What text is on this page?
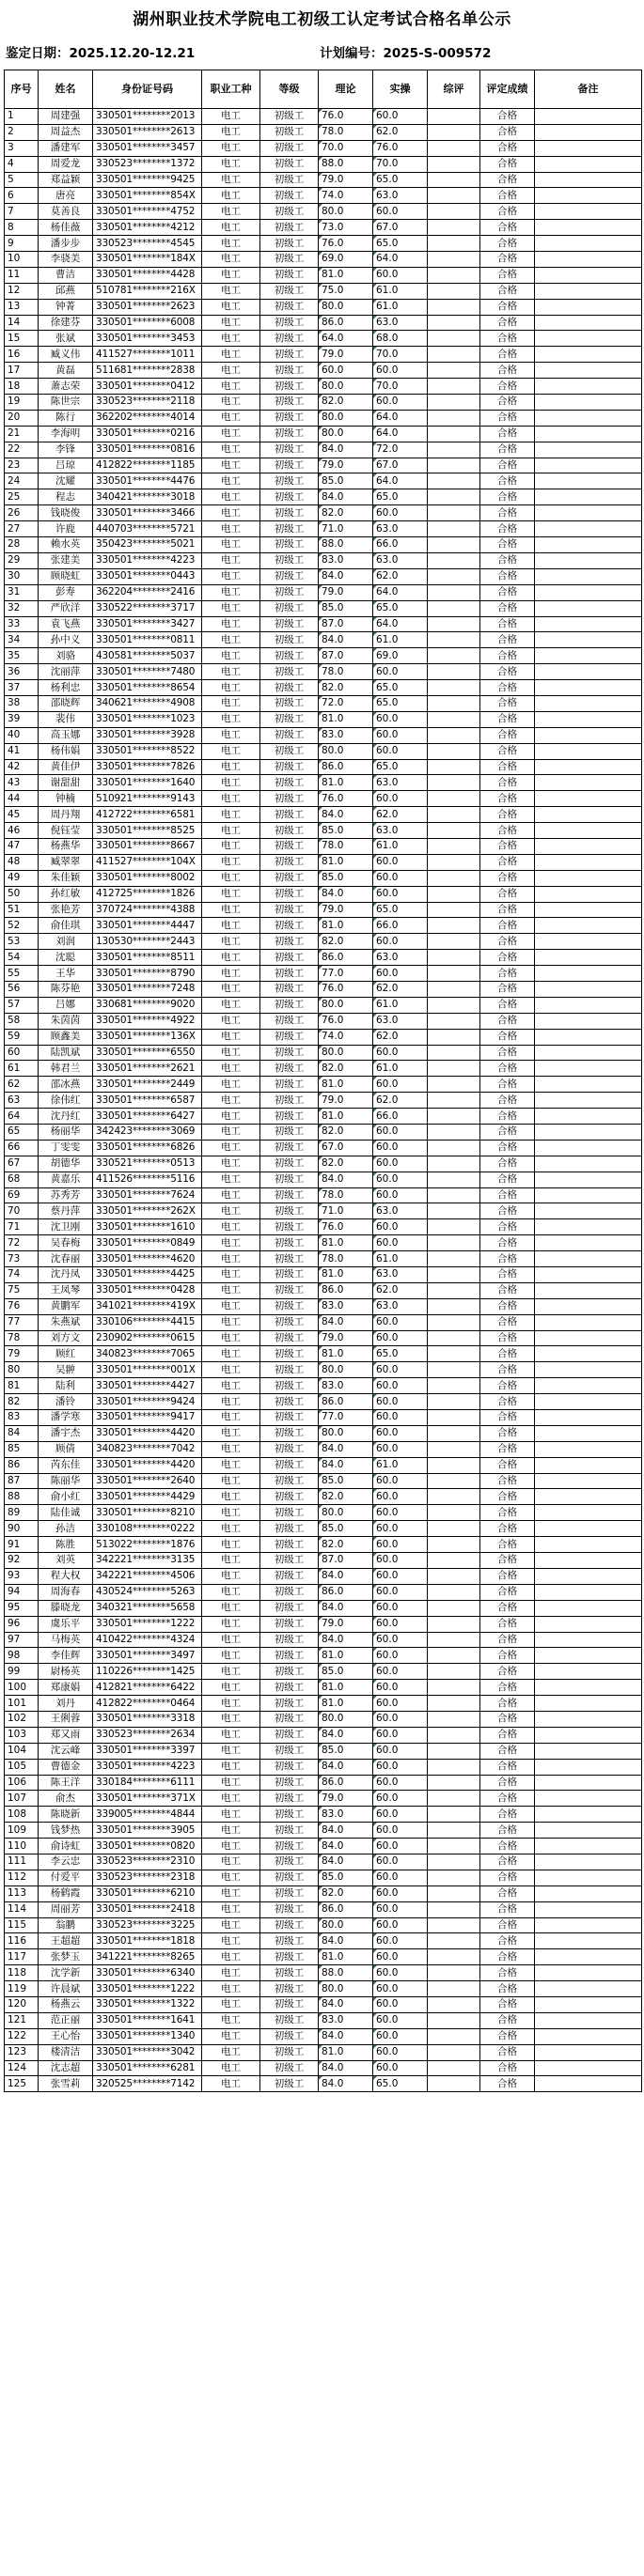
湖州职业技术学院电工初级工认定考试合格名单公示
鉴定日期：2025.12.20-12.21	计划编号：2025-S-009572
序号	姓名	身份证号码	职业工种	等级	理论	实操	综评	评定成绩	备注
1	周建强	330501********2013	电工	初级工	76.0	60.0		合格	
2	周益杰	330501********2613	电工	初级工	78.0	62.0		合格	
3	潘建军	330501********3457	电工	初级工	70.0	76.0		合格	
4	周爱龙	330523********1372	电工	初级工	88.0	70.0		合格	
5	郑益颖	330501********9425	电工	初级工	79.0	65.0		合格	
6	唐亮	330501********854X	电工	初级工	74.0	63.0		合格	
7	莫善良	330501********4752	电工	初级工	80.0	60.0		合格	
8	杨佳薇	330501********4212	电工	初级工	73.0	67.0		合格	
9	潘步步	330523********4545	电工	初级工	76.0	65.0		合格	
10	李骁美	330501********184X	电工	初级工	69.0	64.0		合格	
11	曹洁	330501********4428	电工	初级工	81.0	60.0		合格	
12	邱燕	510781********216X	电工	初级工	75.0	61.0		合格	
13	钟菁	330501********2623	电工	初级工	80.0	61.0		合格	
14	徐建芬	330501********6008	电工	初级工	86.0	63.0		合格	
15	张斌	330501********3453	电工	初级工	64.0	68.0		合格	
16	臧义伟	411527********1011	电工	初级工	79.0	70.0		合格	
17	黄磊	511681********2838	电工	初级工	60.0	60.0		合格	
18	萧志荣	330501********0412	电工	初级工	80.0	70.0		合格	
19	陈世宗	330523********2118	电工	初级工	82.0	60.0		合格	
20	陈行	362202********4014	电工	初级工	80.0	64.0		合格	
21	李海明	330501********0216	电工	初级工	80.0	64.0		合格	
22	李锋	330501********0816	电工	初级工	84.0	72.0		合格	
23	吕琼	412822********1185	电工	初级工	79.0	67.0		合格	
24	沈耀	330501********4476	电工	初级工	85.0	64.0		合格	
25	程志	340421********3018	电工	初级工	84.0	65.0		合格	
26	钱晓俊	330501********3466	电工	初级工	82.0	60.0		合格	
27	许鹿	440703********5721	电工	初级工	71.0	63.0		合格	
28	赖水英	350423********5021	电工	初级工	88.0	66.0		合格	
29	张建美	330501********4223	电工	初级工	83.0	63.0		合格	
30	顾晓虹	330501********0443	电工	初级工	84.0	62.0		合格	
31	彭寿	362204********2416	电工	初级工	79.0	64.0		合格	
32	严欣洋	330522********3717	电工	初级工	85.0	65.0		合格	
33	袁飞燕	330501********3427	电工	初级工	87.0	64.0		合格	
34	孙中义	330501********0811	电工	初级工	84.0	61.0		合格	
35	刘骆	430581********5037	电工	初级工	87.0	69.0		合格	
36	沈丽萍	330501********7480	电工	初级工	78.0	60.0		合格	
37	杨利忠	330501********8654	电工	初级工	82.0	65.0		合格	
38	邵晓辉	340621********4908	电工	初级工	72.0	65.0		合格	
39	裴伟	330501********1023	电工	初级工	81.0	60.0		合格	
40	高玉娜	330501********3928	电工	初级工	83.0	60.0		合格	
41	杨伟娟	330501********8522	电工	初级工	80.0	60.0		合格	
42	黄佳伊	330501********7826	电工	初级工	86.0	65.0		合格	
43	谢甜甜	330501********1640	电工	初级工	81.0	63.0		合格	
44	钟楠	510921********9143	电工	初级工	76.0	60.0		合格	
45	周丹翔	412722********6581	电工	初级工	84.0	62.0		合格	
46	倪钰莹	330501********8525	电工	初级工	85.0	63.0		合格	
47	杨燕华	330501********8667	电工	初级工	78.0	61.0		合格	
48	臧翠翠	411527********104X	电工	初级工	81.0	60.0		合格	
49	朱佳颖	330501********8002	电工	初级工	85.0	60.0		合格	
50	孙红敏	412725********1826	电工	初级工	84.0	60.0		合格	
51	张艳芳	370724********4388	电工	初级工	79.0	65.0		合格	
52	俞佳琪	330501********4447	电工	初级工	81.0	66.0		合格	
53	刘润	130530********2443	电工	初级工	82.0	60.0		合格	
54	沈聪	330501********8511	电工	初级工	86.0	63.0		合格	
55	王华	330501********8790	电工	初级工	77.0	60.0		合格	
56	陈芬艳	330501********7248	电工	初级工	76.0	62.0		合格	
57	吕娜	330681********9020	电工	初级工	80.0	61.0		合格	
58	朱茵茵	330501********4922	电工	初级工	76.0	63.0		合格	
59	顾鑫美	330501********136X	电工	初级工	74.0	62.0		合格	
60	陆凯斌	330501********6550	电工	初级工	80.0	60.0		合格	
61	韩君兰	330501********2621	电工	初级工	82.0	61.0		合格	
62	邵冰燕	330501********2449	电工	初级工	81.0	60.0		合格	
63	徐伟红	330501********6587	电工	初级工	79.0	62.0		合格	
64	沈丹红	330501********6427	电工	初级工	81.0	66.0		合格	
65	杨丽华	342423********3069	电工	初级工	82.0	60.0		合格	
66	丁雯雯	330501********6826	电工	初级工	67.0	60.0		合格	
67	胡德华	330521********0513	电工	初级工	82.0	60.0		合格	
68	黄嘉乐	411526********5116	电工	初级工	84.0	60.0		合格	
69	苏秀芳	330501********7624	电工	初级工	78.0	60.0		合格	
70	蔡丹萍	330501********262X	电工	初级工	71.0	63.0		合格	
71	沈卫刚	330501********1610	电工	初级工	76.0	60.0		合格	
72	吴春梅	330501********0849	电工	初级工	81.0	60.0		合格	
73	沈春丽	330501********4620	电工	初级工	78.0	61.0		合格	
74	沈丹凤	330501********4425	电工	初级工	81.0	63.0		合格	
75	王凤琴	330501********0428	电工	初级工	86.0	62.0		合格	
76	黄鹏军	341021********419X	电工	初级工	83.0	63.0		合格	
77	朱燕斌	330106********4415	电工	初级工	84.0	60.0		合格	
78	刘方文	230902********0615	电工	初级工	79.0	60.0		合格	
79	顾红	340823********7065	电工	初级工	81.0	65.0		合格	
80	吴翀	330501********001X	电工	初级工	80.0	60.0		合格	
81	陆利	330501********4427	电工	初级工	83.0	60.0		合格	
82	潘铃	330501********9424	电工	初级工	86.0	60.0		合格	
83	潘学寒	330501********9417	电工	初级工	77.0	60.0		合格	
84	潘宇杰	330501********4420	电工	初级工	80.0	60.0		合格	
85	顾倩	340823********7042	电工	初级工	84.0	60.0		合格	
86	芮东佳	330501********4420	电工	初级工	84.0	61.0		合格	
87	陈丽华	330501********2640	电工	初级工	85.0	60.0		合格	
88	俞小红	330501********4429	电工	初级工	82.0	60.0		合格	
89	陆佳诚	330501********8210	电工	初级工	80.0	60.0		合格	
90	孙洁	330108********0222	电工	初级工	85.0	60.0		合格	
91	陈胜	513022********1876	电工	初级工	82.0	60.0		合格	
92	刘英	342221********3135	电工	初级工	87.0	60.0		合格	
93	程大权	342221********4506	电工	初级工	84.0	60.0		合格	
94	周海春	430524********5263	电工	初级工	86.0	60.0		合格	
95	滕晓龙	340321********5658	电工	初级工	84.0	60.0		合格	
96	虞乐平	330501********1222	电工	初级工	79.0	60.0		合格	
97	马梅英	410422********4324	电工	初级工	84.0	60.0		合格	
98	李佳辉	330501********3497	电工	初级工	81.0	60.0		合格	
99	尉杨英	110226********1425	电工	初级工	85.0	60.0		合格	
100	郑康娟	412821********6422	电工	初级工	81.0	60.0		合格	
101	刘丹	412822********0464	电工	初级工	81.0	60.0		合格	
102	王俐蓉	330501********3318	电工	初级工	80.0	60.0		合格	
103	郑又雨	330523********2634	电工	初级工	84.0	60.0		合格	
104	沈云峰	330501********3397	电工	初级工	85.0	60.0		合格	
105	曹德金	330501********4223	电工	初级工	84.0	60.0		合格	
106	陈王洋	330184********6111	电工	初级工	86.0	60.0		合格	
107	俞杰	330501********371X	电工	初级工	79.0	60.0		合格	
108	陈晓新	339005********4844	电工	初级工	83.0	60.0		合格	
109	钱梦热	330501********3905	电工	初级工	84.0	60.0		合格	
110	俞诗虹	330501********0820	电工	初级工	84.0	60.0		合格	
111	李云忠	330523********2310	电工	初级工	84.0	60.0		合格	
112	付爱平	330523********2318	电工	初级工	85.0	60.0		合格	
113	杨鹤霞	330501********6210	电工	初级工	82.0	60.0		合格	
114	周丽芳	330501********2418	电工	初级工	86.0	60.0		合格	
115	翁鹏	330523********3225	电工	初级工	80.0	60.0		合格	
116	王超超	330501********1818	电工	初级工	84.0	60.0		合格	
117	张梦玉	341221********8265	电工	初级工	81.0	60.0		合格	
118	沈学新	330501********6340	电工	初级工	88.0	60.0		合格	
119	许晨斌	330501********1222	电工	初级工	80.0	60.0		合格	
120	杨燕云	330501********1322	电工	初级工	84.0	60.0		合格	
121	范正丽	330501********1641	电工	初级工	83.0	60.0		合格	
122	王心怡	330501********1340	电工	初级工	84.0	60.0		合格	
123	楼清洁	330501********3042	电工	初级工	81.0	60.0		合格	
124	沈志超	330501********6281	电工	初级工	84.0	60.0		合格	
125	张雪莉	320525********7142	电工	初级工	84.0	65.0		合格	
